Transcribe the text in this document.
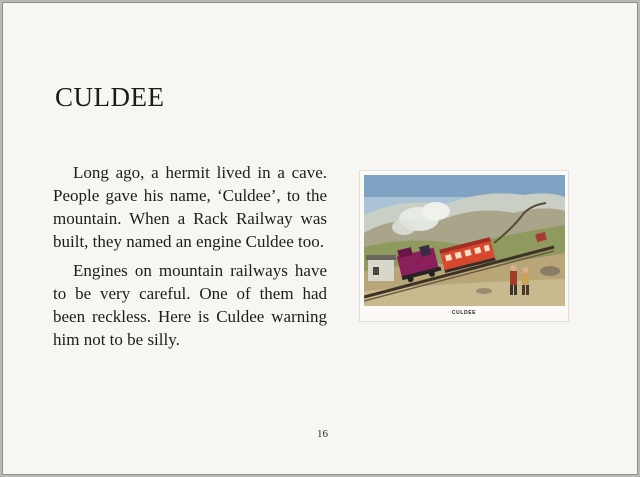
CULDEE

Long ago, a hermit lived in a cave. People gave his name, ‘Culdee’, to the mountain. When a Rack Railway was built, they named an engine Culdee too.

Engines on mountain railways have to be very careful. One of them had been reckless. Here is Culdee warning him not to be silly.

CULDEE
16
